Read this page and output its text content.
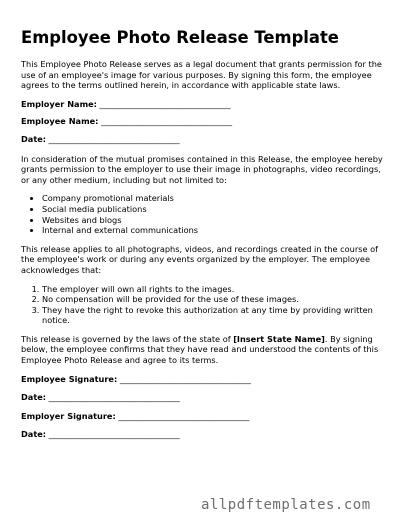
Employee Photo Release Template

This Employee Photo Release serves as a legal document that grants permission for the use of an employee's image for various purposes. By signing this form, the employee agrees to the terms outlined herein, in accordance with applicable state laws.

Employer Name: ________________________________
Employee Name: ________________________________
Date: ________________________________

In consideration of the mutual promises contained in this Release, the employee hereby grants permission to the employer to use their image in photographs, video recordings, or any other medium, including but not limited to:

• Company promotional materials
• Social media publications
• Websites and blogs
• Internal and external communications

This release applies to all photographs, videos, and recordings created in the course of the employee's work or during any events organized by the employer. The employee acknowledges that:

1. The employer will own all rights to the images.
2. No compensation will be provided for the use of these images.
3. They have the right to revoke this authorization at any time by providing written notice.

This release is governed by the laws of the state of [Insert State Name]. By signing below, the employee confirms that they have read and understood the contents of this Employee Photo Release and agree to its terms.

Employee Signature: ________________________________
Date: ________________________________
Employer Signature: ________________________________
Date: ________________________________
allpdftemplates.com
